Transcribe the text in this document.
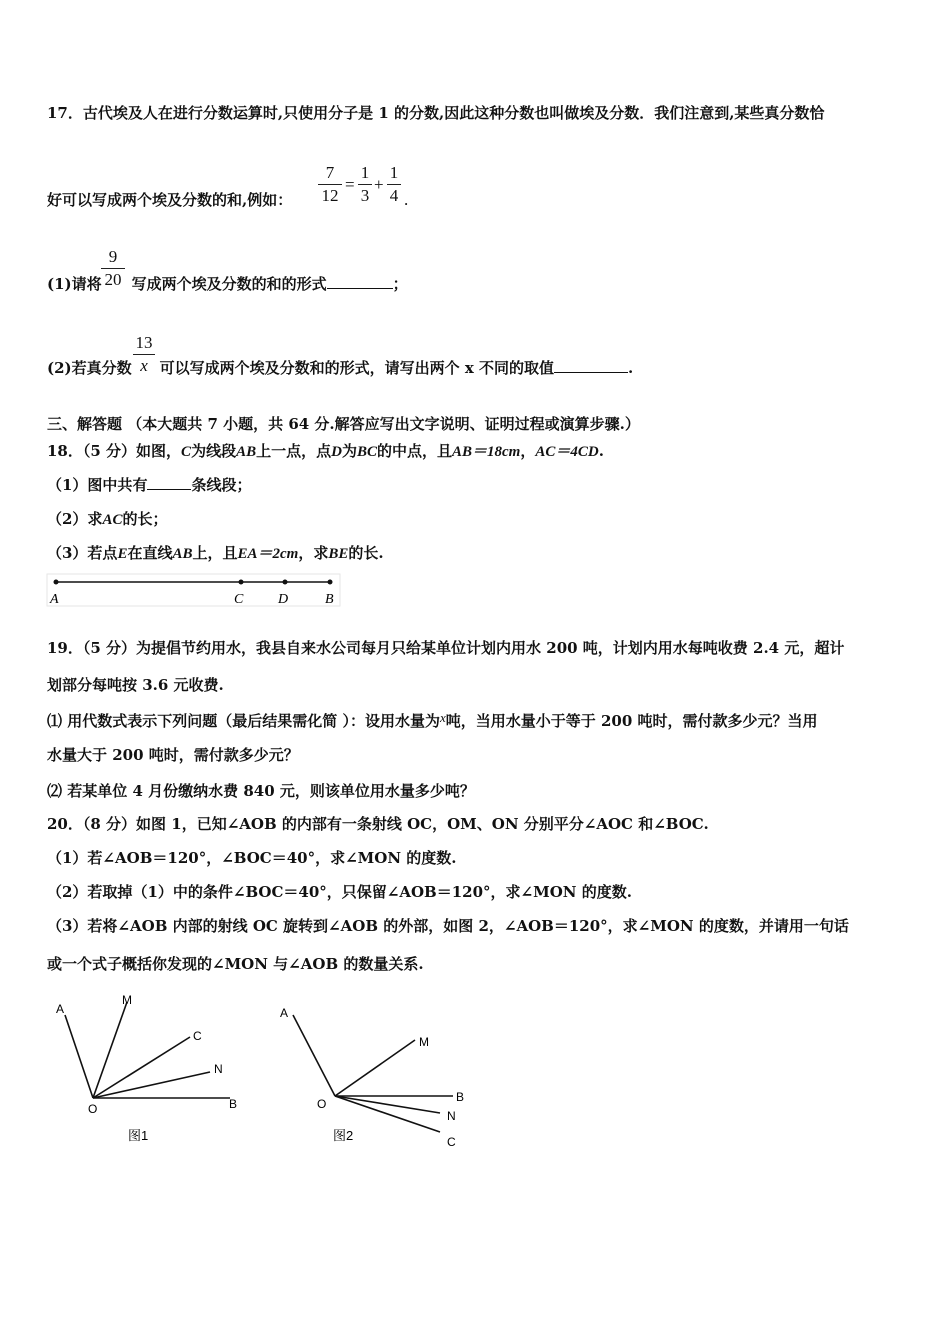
17．古代埃及人在进行分数运算时,只使用分子是 1 的分数,因此这种分数也叫做埃及分数．我们注意到,某些真分数恰
好可以写成两个埃及分数的和,例如：
7
12
=
1
3
+
1
4 .
(1)请将 写成两个埃及分数的和的形式	；
9
20
(2)若真分数 可以写成两个埃及分数和的形式，请写出两个 x 不同的取值	.
13
x
三、解答题 （本大题共 7 小题，共 64 分.解答应写出文字说明、证明过程或演算步骤.）
18．（5 分）如图，C为线段AB上一点，点D为BC的中点，且AB＝18cm，AC＝4CD.
（1）图中共有	条线段；
（2）求AC的长；
（3）若点E在直线AB上，且EA＝2cm，求BE的长.
A	C D	B
19．（5 分）为提倡节约用水，我县自来水公司每月只给某单位计划内用水 200 吨，计划内用水每吨收费 2.4 元，超计
划部分每吨按 3.6 元收费.
⑴ 用代数式表示下列问题（最后结果需化简 ）：设用水量为x吨，当用水量小于等于 200 吨时，需付款多少元？当用
水量大于 200 吨时，需付款多少元？
⑵ 若某单位 4 月份缴纳水费 840 元，则该单位用水量多少吨？
20．（8 分）如图 1，已知∠AOB 的内部有一条射线 OC，OM、ON 分别平分∠AOC 和∠BOC.
（1）若∠AOB＝120°，∠BOC＝40°，求∠MON 的度数.
（2）若取掉（1）中的条件∠BOC＝40°，只保留∠AOB＝120°，求∠MON 的度数.
（3）若将∠AOB 内部的射线 OC 旋转到∠AOB 的外部，如图 2，∠AOB＝120°，求∠MON 的度数，并请用一句话
或一个式子概括你发现的∠MON 与∠AOB 的数量关系.
A
M
C
N
O	B
图1
A
M
B
N
O
C
图2
